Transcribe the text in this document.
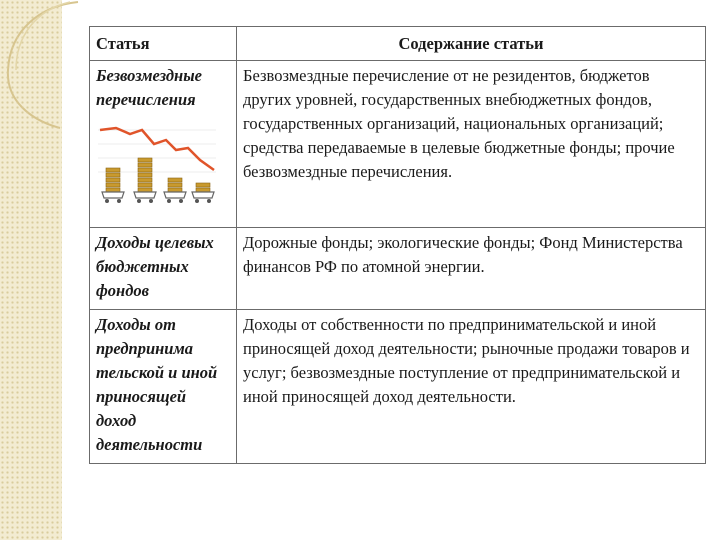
Статья	Содержание статьи

Безвозмездные перечисления	Безвозмездные перечисление от не резидентов, бюджетов других уровней, государственных внебюджетных фондов, государственных организаций, национальных организаций; средства передаваемые в целевые бюджетные фонды; прочие безвозмездные перечисления.
Доходы целевых бюджетных фондов	Дорожные фонды; экологические фонды; Фонд Министерства финансов РФ по атомной энергии.
Доходы от предпринима тельской и иной приносящей доход деятельности	Доходы от собственности по предпринимательской и иной приносящей доход деятельности; рыночные продажи товаров и услуг; безвозмездные поступление от предпринимательской и иной приносящей доход деятельности.
